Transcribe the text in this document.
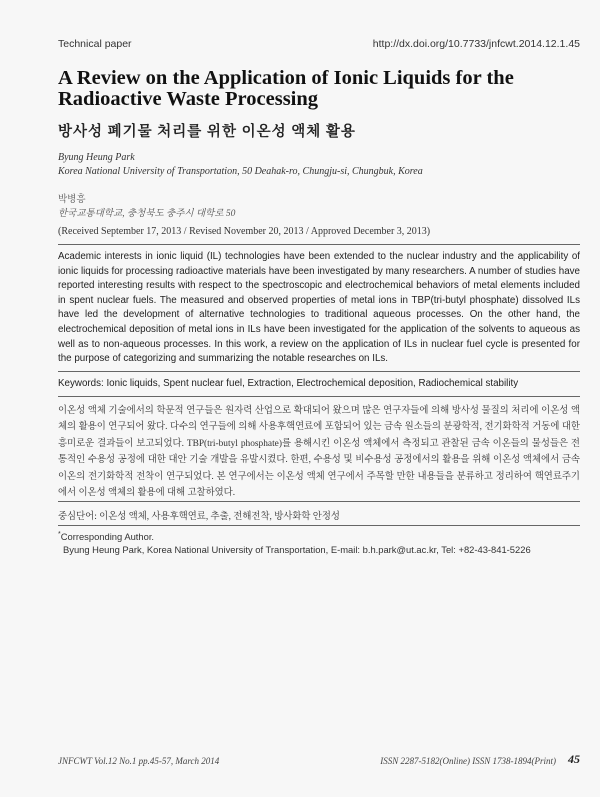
Technical paper	http://dx.doi.org/10.7733/jnfcwt.2014.12.1.45
A Review on the Application of Ionic Liquids for the Radioactive Waste Processing
방사성 폐기물 처리를 위한 이온성 액체 활용
Byung Heung Park
Korea National University of Transportation, 50 Deahak-ro, Chungju-si, Chungbuk, Korea
박병흥
한국교통대학교, 충청북도 충주시 대학로 50
(Received September 17, 2013 / Revised November 20, 2013 / Approved December 3, 2013)

Academic interests in ionic liquid (IL) technologies have been extended to the nuclear industry and the applicability of ionic liquids for processing radioactive materials have been investigated by many researchers. A number of studies have reported interesting results with respect to the spectroscopic and electrochemical behaviors of metal elements included in spent nuclear fuels. The measured and observed properties of metal ions in TBP(tri-butyl phosphate) dissolved ILs have led the development of alternative technologies to traditional aqueous processes. On the other hand, the electrochemical deposition of metal ions in ILs have been investigated for the application of the solvents to aqueous as well as to non-aqueous processes. In this work, a review on the application of ILs in nuclear fuel cycle is presented for the purpose of categorizing and summarizing the notable researches on ILs.

Keywords: Ionic liquids, Spent nuclear fuel, Extraction, Electrochemical deposition, Radiochemical stability

이온성 액체 기술에서의 학문적 연구들은 원자력 산업으로 확대되어 왔으며 많은 연구자들에 의해 방사성 물질의 처리에 이온성 액체의 활용이 연구되어 왔다. 다수의 연구들에 의해 사용후핵연료에 포함되어 있는 금속 원소들의 분광학적, 전기화학적 거동에 대한 흥미로운 결과들이 보고되었다. TBP(tri-butyl phosphate)를 용해시킨 이온성 액체에서 측정되고 관찰된 금속 이온들의 물성들은 전통적인 수용성 공정에 대한 대안 기술 개발을 유발시켰다. 한편, 수용성 및 비수용성 공정에서의 활용을 위해 이온성 액체에서 금속 이온의 전기화학적 전착이 연구되었다. 본 연구에서는 이온성 액체 연구에서 주목할 만한 내용들을 분류하고 정리하여 핵연료주기에서 이온성 액체의 활용에 대해 고찰하였다.

중심단어: 이온성 액체, 사용후핵연료, 추출, 전해전착, 방사화학 안정성
*Corresponding Author.
Byung Heung Park, Korea National University of Transportation, E-mail: b.h.park@ut.ac.kr, Tel: +82-43-841-5226
JNFCWT Vol.12 No.1 pp.45-57, March 2014	ISSN 2287-5182(Online) ISSN 1738-1894(Print) 45
